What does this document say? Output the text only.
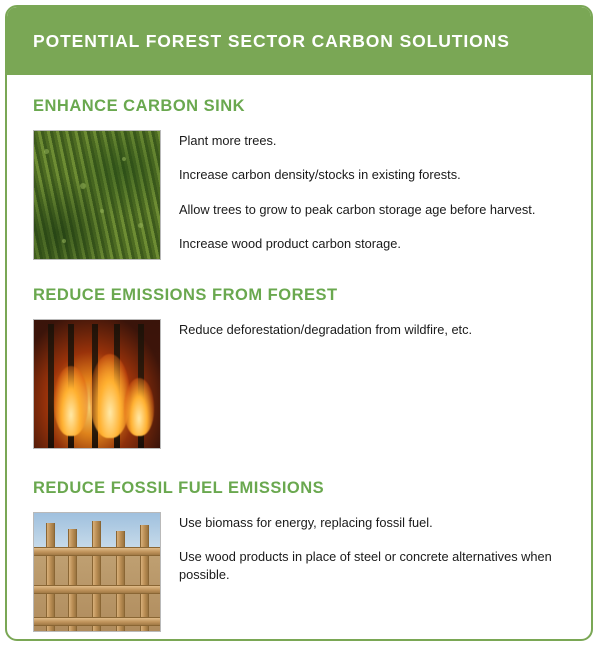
POTENTIAL FOREST SECTOR CARBON SOLUTIONS
ENHANCE CARBON SINK

Plant more trees.

Increase carbon density/stocks in existing forests.

Allow trees to grow to peak carbon storage age before harvest.

Increase wood product carbon storage.

REDUCE EMISSIONS FROM FOREST

Reduce deforestation/degradation from wildfire, etc.

REDUCE FOSSIL FUEL EMISSIONS

Use biomass for energy, replacing fossil fuel.

Use wood products in place of steel or concrete alternatives when possible.
